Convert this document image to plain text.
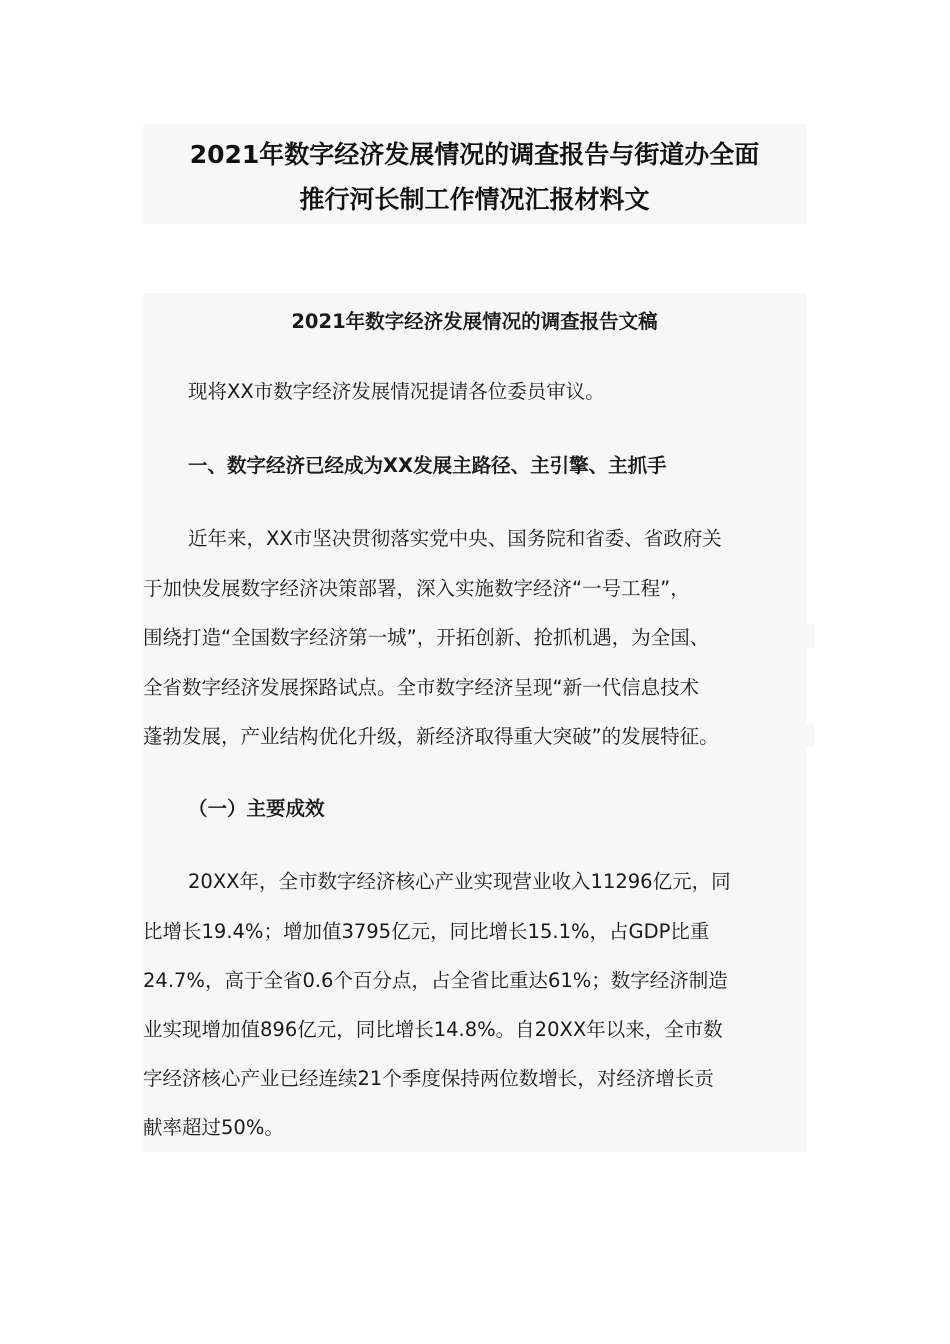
2021年数字经济发展情况的调查报告与街道办全面
推行河长制工作情况汇报材料文
2021年数字经济发展情况的调查报告文稿
现将XX市数字经济发展情况提请各位委员审议。
一、数字经济已经成为XX发展主路径、主引擎、主抓手
近年来，XX市坚决贯彻落实党中央、国务院和省委、省政府关
于加快发展数字经济决策部署，深入实施数字经济“一号工程”，
围绕打造“全国数字经济第一城”，开拓创新、抢抓机遇，为全国、
全省数字经济发展探路试点。全市数字经济呈现“新一代信息技术
蓬勃发展，产业结构优化升级，新经济取得重大突破”的发展特征。
（一）主要成效
20XX年，全市数字经济核心产业实现营业收入11296亿元，同
比增长19.4%；增加值3795亿元，同比增长15.1%，占GDP比重
24.7%，高于全省0.6个百分点，占全省比重达61%；数字经济制造
业实现增加值896亿元，同比增长14.8%。自20XX年以来，全市数
字经济核心产业已经连续21个季度保持两位数增长，对经济增长贡
献率超过50%。
